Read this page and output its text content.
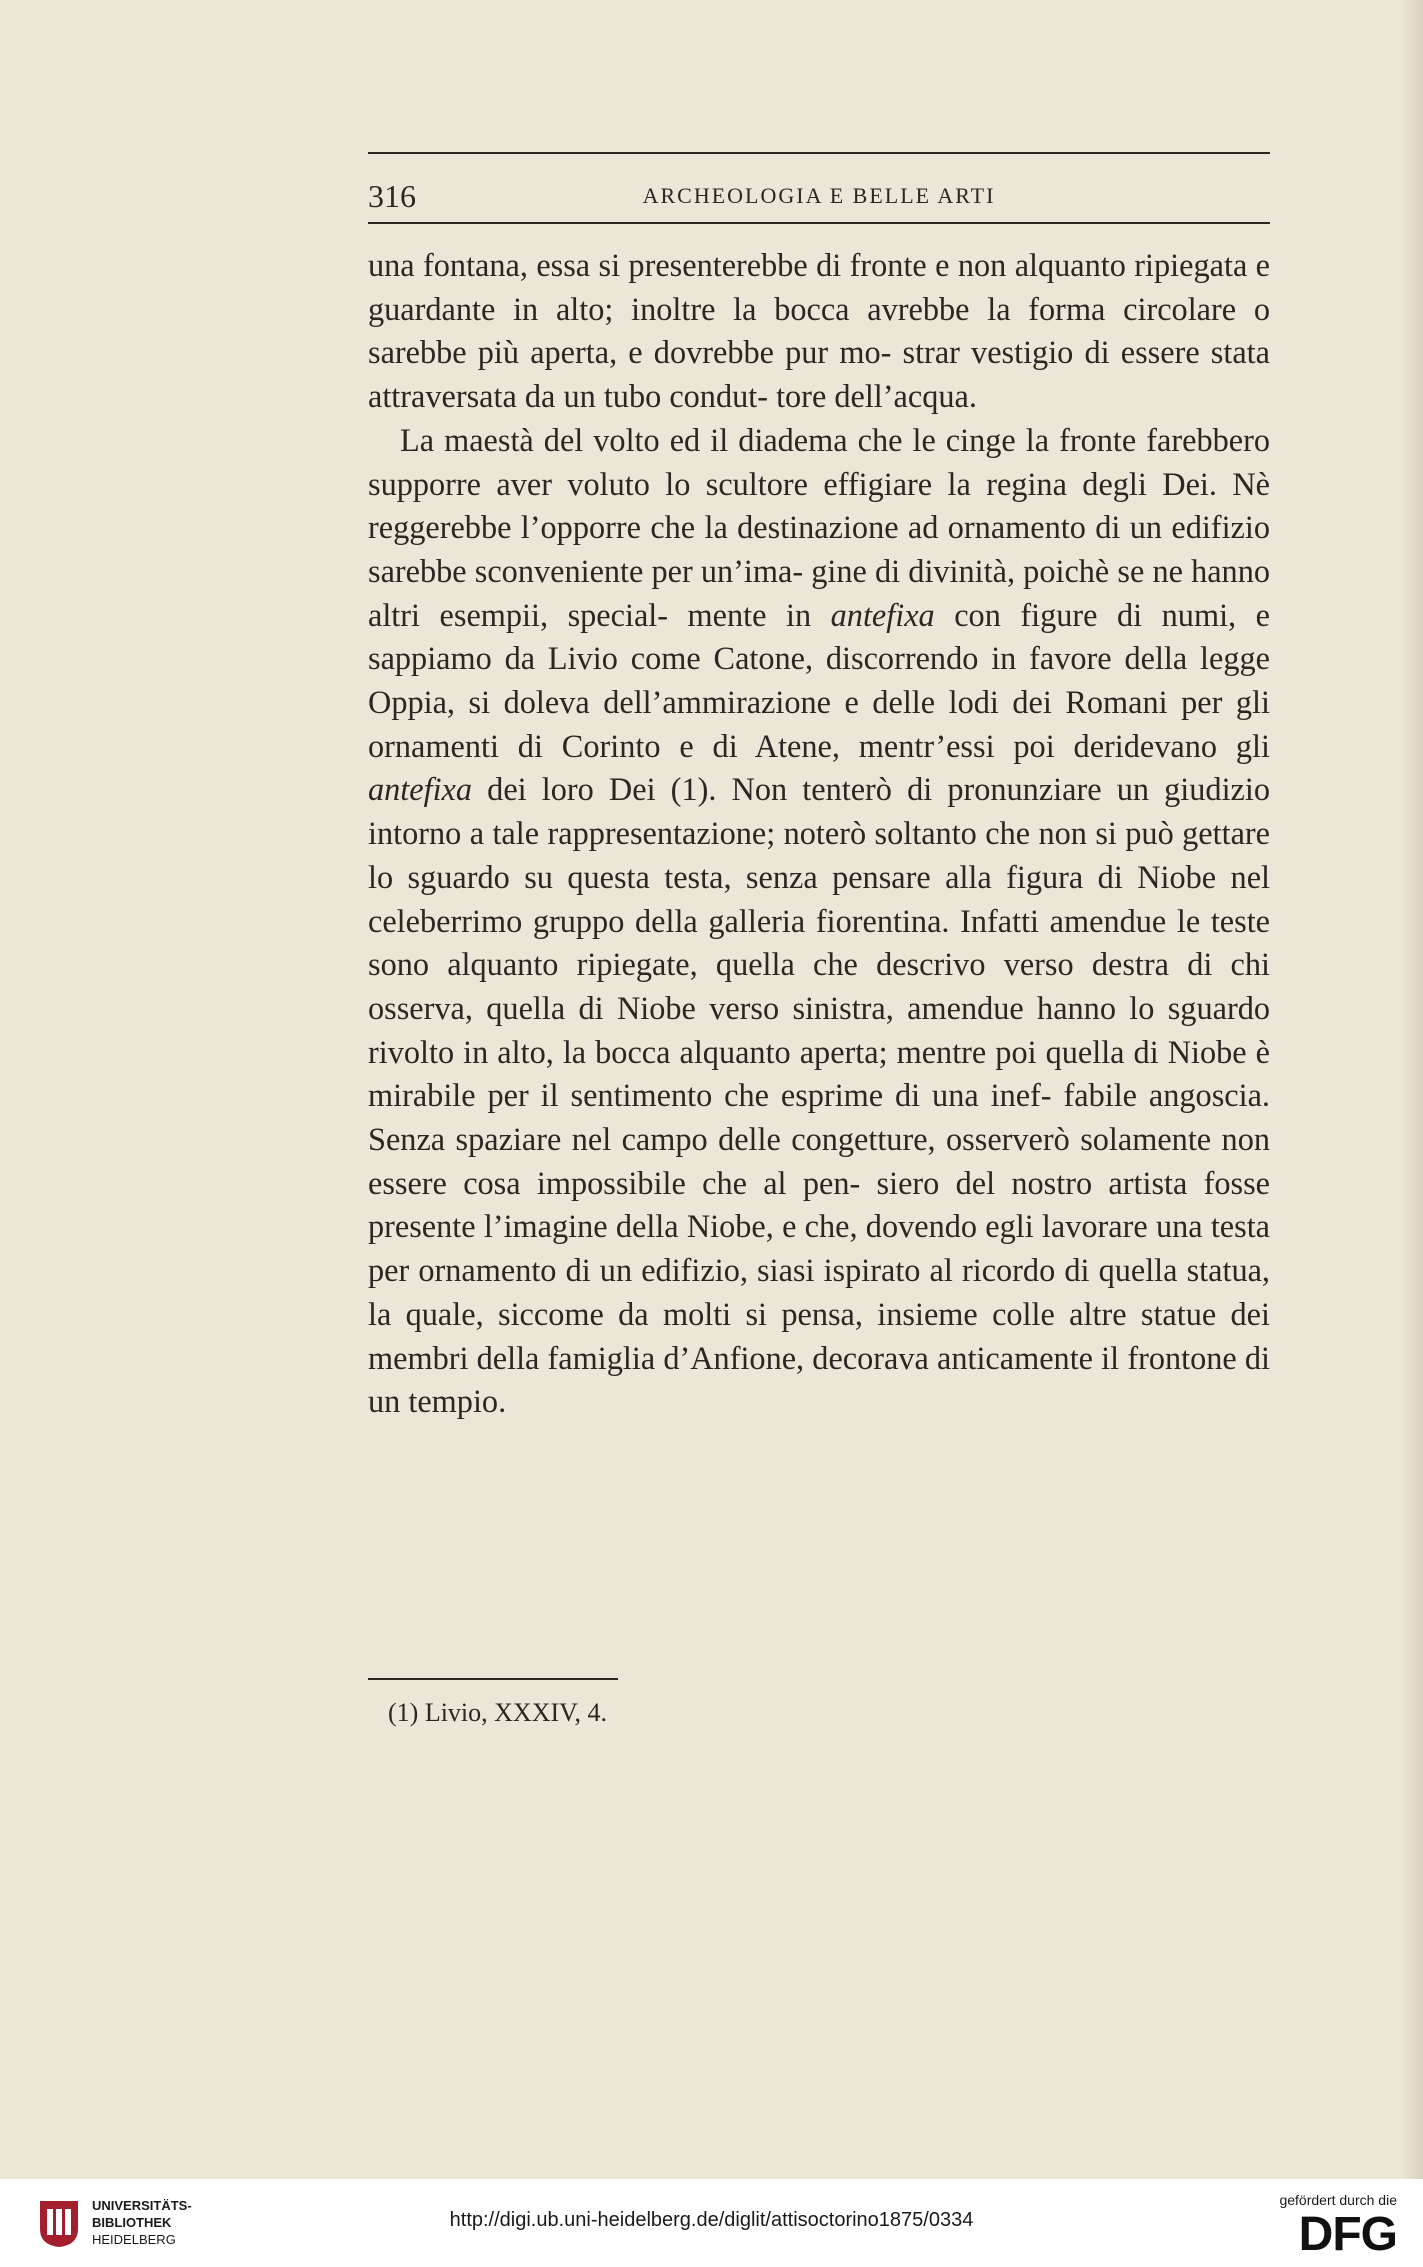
316	ARCHEOLOGIA E BELLE ARTI

una fontana, essa si presenterebbe di fronte e non alquanto ripiegata e guardante in alto; inoltre la bocca avrebbe la forma circolare o sarebbe più aperta, e dovrebbe pur mo- strar vestigio di essere stata attraversata da un tubo condut- tore dell’acqua.

La maestà del volto ed il diadema che le cinge la fronte farebbero supporre aver voluto lo scultore effigiare la regina degli Dei. Nè reggerebbe l’opporre che la destinazione ad ornamento di un edifizio sarebbe sconveniente per un’ima- gine di divinità, poichè se ne hanno altri esempii, special- mente in antefixa con figure di numi, e sappiamo da Livio come Catone, discorrendo in favore della legge Oppia, si doleva dell’ammirazione e delle lodi dei Romani per gli ornamenti di Corinto e di Atene, mentr’essi poi deridevano gli antefixa dei loro Dei (1). Non tenterò di pronunziare un giudizio intorno a tale rappresentazione; noterò soltanto che non si può gettare lo sguardo su questa testa, senza pensare alla figura di Niobe nel celeberrimo gruppo della galleria fiorentina. Infatti amendue le teste sono alquanto ripiegate, quella che descrivo verso destra di chi osserva, quella di Niobe verso sinistra, amendue hanno lo sguardo rivolto in alto, la bocca alquanto aperta; mentre poi quella di Niobe è mirabile per il sentimento che esprime di una inef- fabile angoscia. Senza spaziare nel campo delle congetture, osserverò solamente non essere cosa impossibile che al pen- siero del nostro artista fosse presente l’imagine della Niobe, e che, dovendo egli lavorare una testa per ornamento di un edifizio, siasi ispirato al ricordo di quella statua, la quale, siccome da molti si pensa, insieme colle altre statue dei membri della famiglia d’Anfione, decorava anticamente il frontone di un tempio.

(1) Livio, XXXIV, 4.
UNIVERSITÄTS-
BIBLIOTHEK
HEIDELBERG
http://digi.ub.uni-heidelberg.de/diglit/attisoctorino1875/0334
gefördert durch die
DFG
